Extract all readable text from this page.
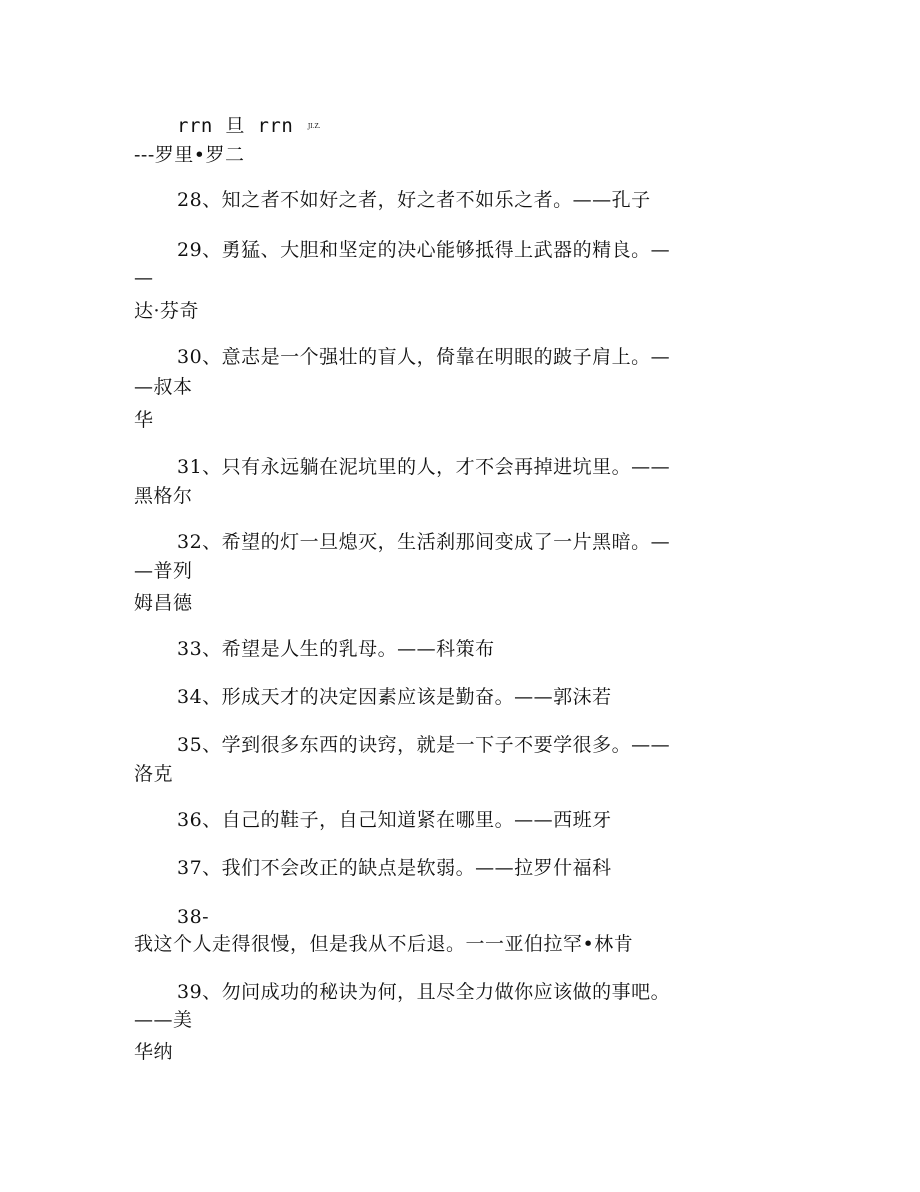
rrn 旦 rrn JI.Z.
---罗里•罗二
28、知之者不如好之者，好之者不如乐之者。——孔子
29、勇猛、大胆和坚定的决心能够抵得上武器的精良。—
—
达·芬奇
30、意志是一个强壮的盲人，倚靠在明眼的跛子肩上。—
—叔本
华
31、只有永远躺在泥坑里的人，才不会再掉进坑里。——
黑格尔
32、希望的灯一旦熄灭，生活刹那间变成了一片黑暗。—
—普列
姆昌德
33、希望是人生的乳母。——科策布
34、形成天才的决定因素应该是勤奋。——郭沫若
35、学到很多东西的诀窍，就是一下子不要学很多。——
洛克
36、自己的鞋子，自己知道紧在哪里。——西班牙
37、我们不会改正的缺点是软弱。——拉罗什福科
38-
我这个人走得很慢，但是我从不后退。一一亚伯拉罕•林肯
39、勿问成功的秘诀为何，且尽全力做你应该做的事吧。
——美
华纳
